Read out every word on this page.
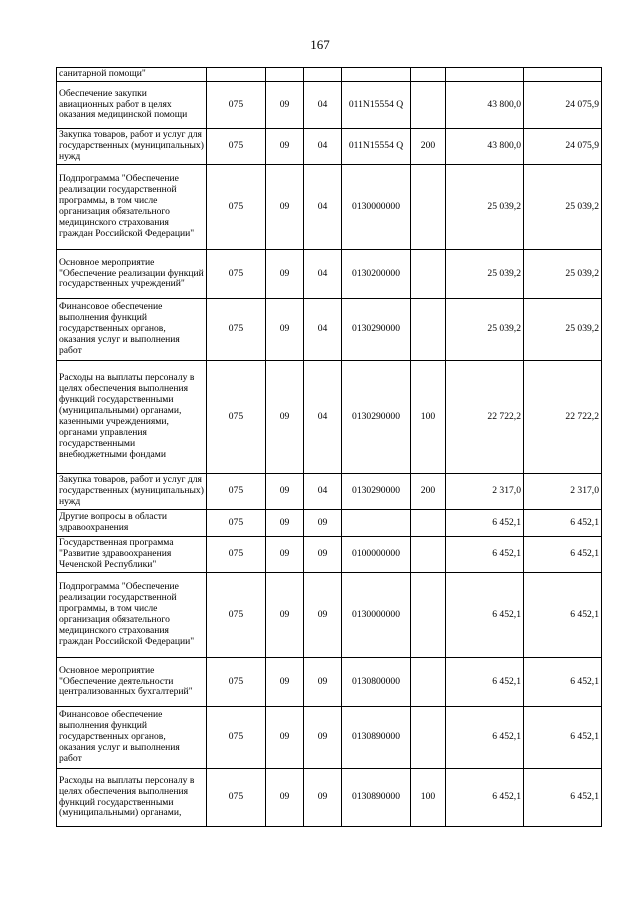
167
санитарной помощи"							
Обеспечение закупки авиационных работ в целях оказания медицинской помощи	075	09	04	011N15554 Q		43 800,0	24 075,9
Закупка товаров, работ и услуг для государственных (муниципальных) нужд	075	09	04	011N15554 Q	200	43 800,0	24 075,9
Подпрограмма "Обеспечение реализации государственной программы, в том числе организация обязательного медицинского страхования граждан Российской Федерации"	075	09	04	0130000000		25 039,2	25 039,2
Основное мероприятие "Обеспечение реализации функций государственных учреждений"	075	09	04	0130200000		25 039,2	25 039,2
Финансовое обеспечение выполнения функций государственных органов, оказания услуг и выполнения работ	075	09	04	0130290000		25 039,2	25 039,2
Расходы на выплаты персоналу в целях обеспечения выполнения функций государственными (муниципальными) органами, казенными учреждениями, органами управления государственными внебюджетными фондами	075	09	04	0130290000	100	22 722,2	22 722,2
Закупка товаров, работ и услуг для государственных (муниципальных) нужд	075	09	04	0130290000	200	2 317,0	2 317,0
Другие вопросы в области здравоохранения	075	09	09			6 452,1	6 452,1
Государственная программа "Развитие здравоохранения Чеченской Республики"	075	09	09	0100000000		6 452,1	6 452,1
Подпрограмма "Обеспечение реализации государственной программы, в том числе организация обязательного медицинского страхования граждан Российской Федерации"	075	09	09	0130000000		6 452,1	6 452,1
Основное мероприятие "Обеспечение деятельности централизованных бухгалтерий"	075	09	09	0130800000		6 452,1	6 452,1
Финансовое обеспечение выполнения функций государственных органов, оказания услуг и выполнения работ	075	09	09	0130890000		6 452,1	6 452,1
Расходы на выплаты персоналу в целях обеспечения выполнения функций государственными (муниципальными) органами,	075	09	09	0130890000	100	6 452,1	6 452,1
